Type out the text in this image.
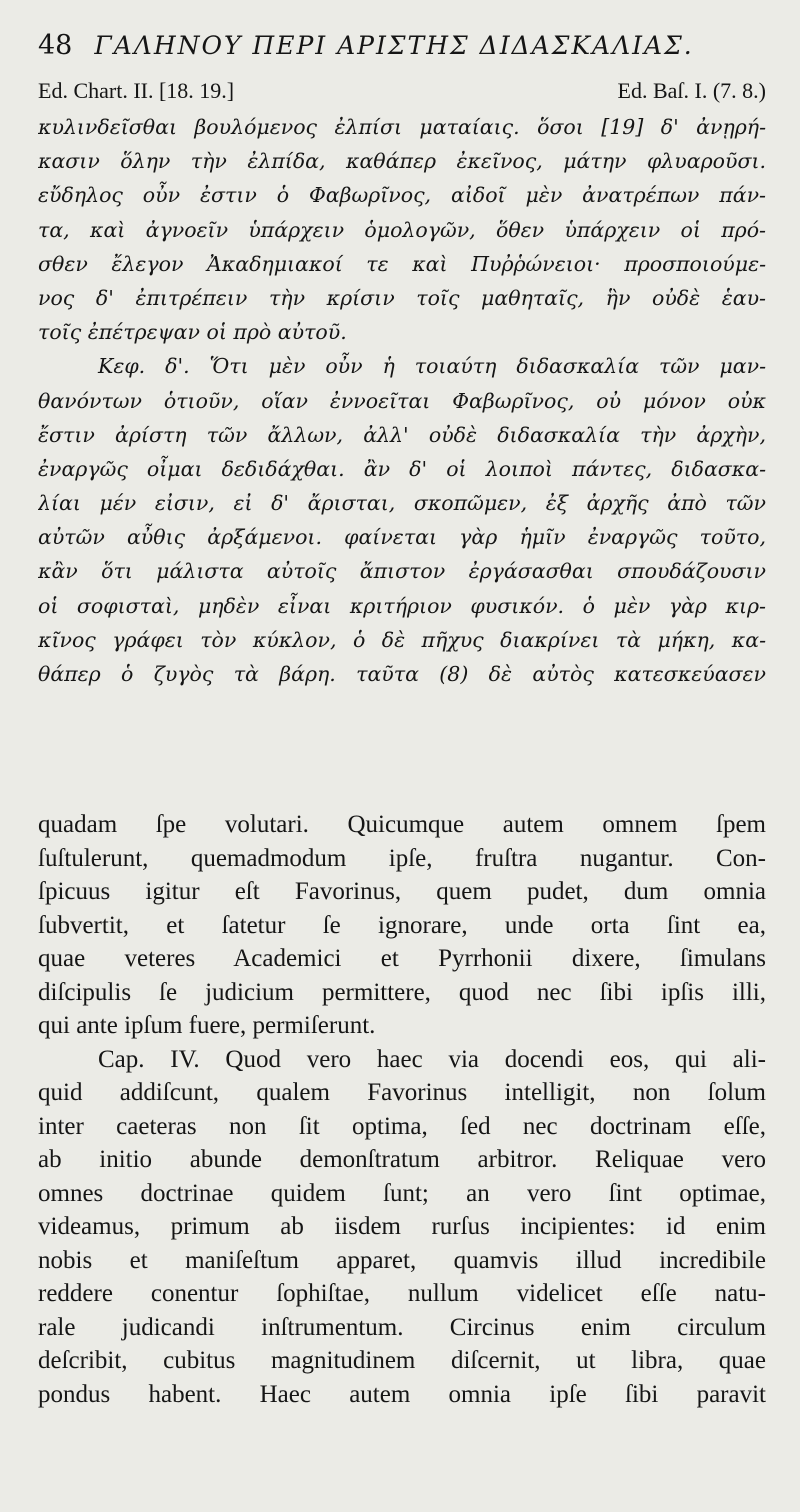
48 ΓΑΛΗΝΟΥ ΠΕΡΙ ΑΡΙΣΤΗΣ ΔΙΔΑΣΚΑΛΙΑΣ.
Ed. Chart. II. [18. 19.]	Ed. Baſ. I. (7. 8.)
κυλινδεῖσθαι βουλόμενος ἐλπίσι ματαίαις. ὅσοι [19] δ' ἀνῃρή-
κασιν ὅλην τὴν ἐλπίδα, καθάπερ ἐκεῖνος, μάτην φλυαροῦσι.
εὔδηλος οὖν ἐστιν ὁ Φαβωρῖνος, αἰδοῖ μὲν ἀνατρέπων πάν-
τα, καὶ ἀγνοεῖν ὑπάρχειν ὁμολογῶν, ὅθεν ὑπάρχειν οἱ πρό-
σθεν ἔλεγον Ἀκαδημιακοί τε καὶ Πυῤῥώνειοι· προσποιούμε-
νος δ' ἐπιτρέπειν τὴν κρίσιν τοῖς μαθηταῖς, ἣν οὐδὲ ἑαυ-
τοῖς ἐπέτρεψαν οἱ πρὸ αὐτοῦ.
Κεφ. δ'. Ὅτι μὲν οὖν ἡ τοιαύτη διδασκαλία τῶν μαν-
θανόντων ὁτιοῦν, οἵαν ἐννοεῖται Φαβωρῖνος, οὐ μόνον οὐκ
ἔστιν ἀρίστη τῶν ἄλλων, ἀλλ' οὐδὲ διδασκαλία τὴν ἀρχὴν,
ἐναργῶς οἶμαι δεδιδάχθαι. ἂν δ' οἱ λοιποὶ πάντες, διδασκα-
λίαι μέν εἰσιν, εἰ δ' ἄρισται, σκοπῶμεν, ἐξ ἀρχῆς ἀπὸ τῶν
αὐτῶν αὖθις ἀρξάμενοι. φαίνεται γὰρ ἡμῖν ἐναργῶς τοῦτο,
κἂν ὅτι μάλιστα αὐτοῖς ἄπιστον ἐργάσασθαι σπουδάζουσιν
οἱ σοφισταὶ, μηδὲν εἶναι κριτήριον φυσικόν. ὁ μὲν γὰρ κιρ-
κῖνος γράφει τὸν κύκλον, ὁ δὲ πῆχυς διακρίνει τὰ μήκη, κα-
θάπερ ὁ ζυγὸς τὰ βάρη. ταῦτα (8) δὲ αὐτὸς κατεσκεύασεν
quadam ſpe volutari. Quicumque autem omnem ſpem
ſuſtulerunt, quemadmodum ipſe, fruſtra nugantur. Con-
ſpicuus igitur eſt Favorinus, quem pudet, dum omnia
ſubvertit, et ſatetur ſe ignorare, unde orta ſint ea,
quae veteres Academici et Pyrrhonii dixere, ſimulans
diſcipulis ſe judicium permittere, quod nec ſibi ipſis illi,
qui ante ipſum fuere, permiſerunt.
Cap. IV. Quod vero haec via docendi eos, qui ali-
quid addiſcunt, qualem Favorinus intelligit, non ſolum
inter caeteras non ſit optima, ſed nec doctrinam eſſe,
ab initio abunde demonſtratum arbitror. Reliquae vero
omnes doctrinae quidem ſunt; an vero ſint optimae,
videamus, primum ab iisdem rurſus incipientes: id enim
nobis et maniſeſtum apparet, quamvis illud incredibile
reddere conentur ſophiſtae, nullum videlicet eſſe natu-
rale judicandi inſtrumentum. Circinus enim circulum
deſcribit, cubitus magnitudinem diſcernit, ut libra, quae
pondus habent. Haec autem omnia ipſe ſibi paravit
